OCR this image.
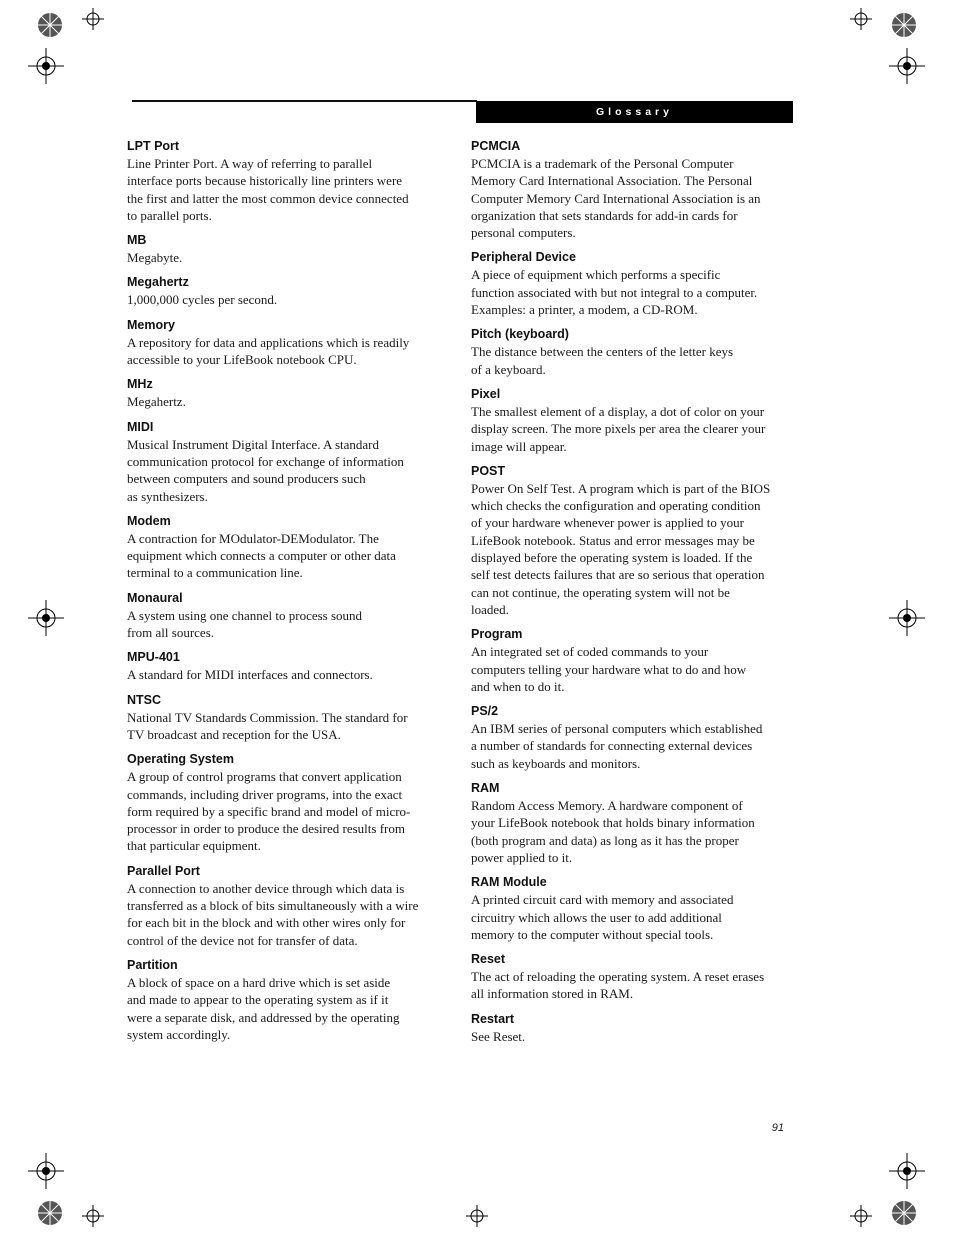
Glossary
LPT Port
Line Printer Port. A way of referring to parallel
interface ports because historically line printers were
the first and latter the most common device connected
to parallel ports.
MB
Megabyte.
Megahertz
1,000,000 cycles per second.
Memory
A repository for data and applications which is readily
accessible to your LifeBook notebook CPU.
MHz
Megahertz.
MIDI
Musical Instrument Digital Interface. A standard
communication protocol for exchange of information
between computers and sound producers such
as synthesizers.
Modem
A contraction for MOdulator-DEModulator. The
equipment which connects a computer or other data
terminal to a communication line.
Monaural
A system using one channel to process sound
from all sources.
MPU-401
A standard for MIDI interfaces and connectors.
NTSC
National TV Standards Commission. The standard for
TV broadcast and reception for the USA.
Operating System
A group of control programs that convert application
commands, including driver programs, into the exact
form required by a specific brand and model of micro-
processor in order to produce the desired results from
that particular equipment.
Parallel Port
A connection to another device through which data is
transferred as a block of bits simultaneously with a wire
for each bit in the block and with other wires only for
control of the device not for transfer of data.
Partition
A block of space on a hard drive which is set aside
and made to appear to the operating system as if it
were a separate disk, and addressed by the operating
system accordingly.
PCMCIA
PCMCIA is a trademark of the Personal Computer
Memory Card International Association. The Personal
Computer Memory Card International Association is an
organization that sets standards for add-in cards for
personal computers.
Peripheral Device
A piece of equipment which performs a specific
function associated with but not integral to a computer.
Examples: a printer, a modem, a CD-ROM.
Pitch (keyboard)
The distance between the centers of the letter keys
of a keyboard.
Pixel
The smallest element of a display, a dot of color on your
display screen. The more pixels per area the clearer your
image will appear.
POST
Power On Self Test. A program which is part of the BIOS
which checks the configuration and operating condition
of your hardware whenever power is applied to your
LifeBook notebook. Status and error messages may be
displayed before the operating system is loaded. If the
self test detects failures that are so serious that operation
can not continue, the operating system will not be
loaded.
Program
An integrated set of coded commands to your
computers telling your hardware what to do and how
and when to do it.
PS/2
An IBM series of personal computers which established
a number of standards for connecting external devices
such as keyboards and monitors.
RAM
Random Access Memory. A hardware component of
your LifeBook notebook that holds binary information
(both program and data) as long as it has the proper
power applied to it.
RAM Module
A printed circuit card with memory and associated
circuitry which allows the user to add additional
memory to the computer without special tools.
Reset
The act of reloading the operating system. A reset erases
all information stored in RAM.
Restart
See Reset.
91
